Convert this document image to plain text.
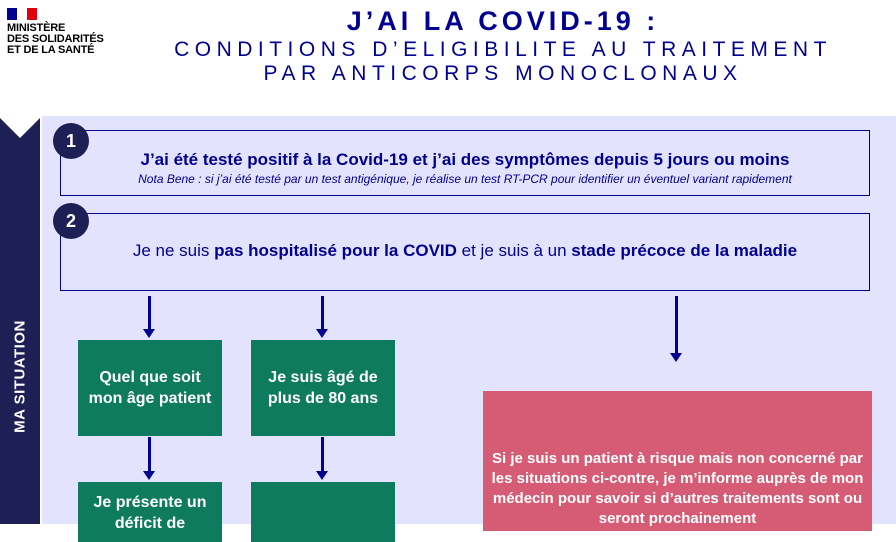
MINISTÈRE
DES SOLIDARITÉS
ET DE LA SANTÉ
J’AI LA COVID-19 :
CONDITIONS D’ELIGIBILITE AU TRAITEMENT
PAR ANTICORPS MONOCLONAUX
MA SITUATION
J’ai été testé positif à la Covid-19 et j’ai des symptômes depuis 5 jours ou moins
Nota Bene : si j’ai été testé par un test antigénique, je réalise un test RT-PCR pour identifier un éventuel variant rapidement
1
Je ne suis pas hospitalisé pour la COVID et je suis à un stade précoce de la maladie
2
Quel que soit mon âge patient
Je suis âgé de plus de 80 ans
Je présente un déficit de
Si je suis un patient à risque mais non concerné par les situations ci-contre, je m’informe auprès de mon médecin pour savoir si d’autres traitements sont ou seront prochainement
